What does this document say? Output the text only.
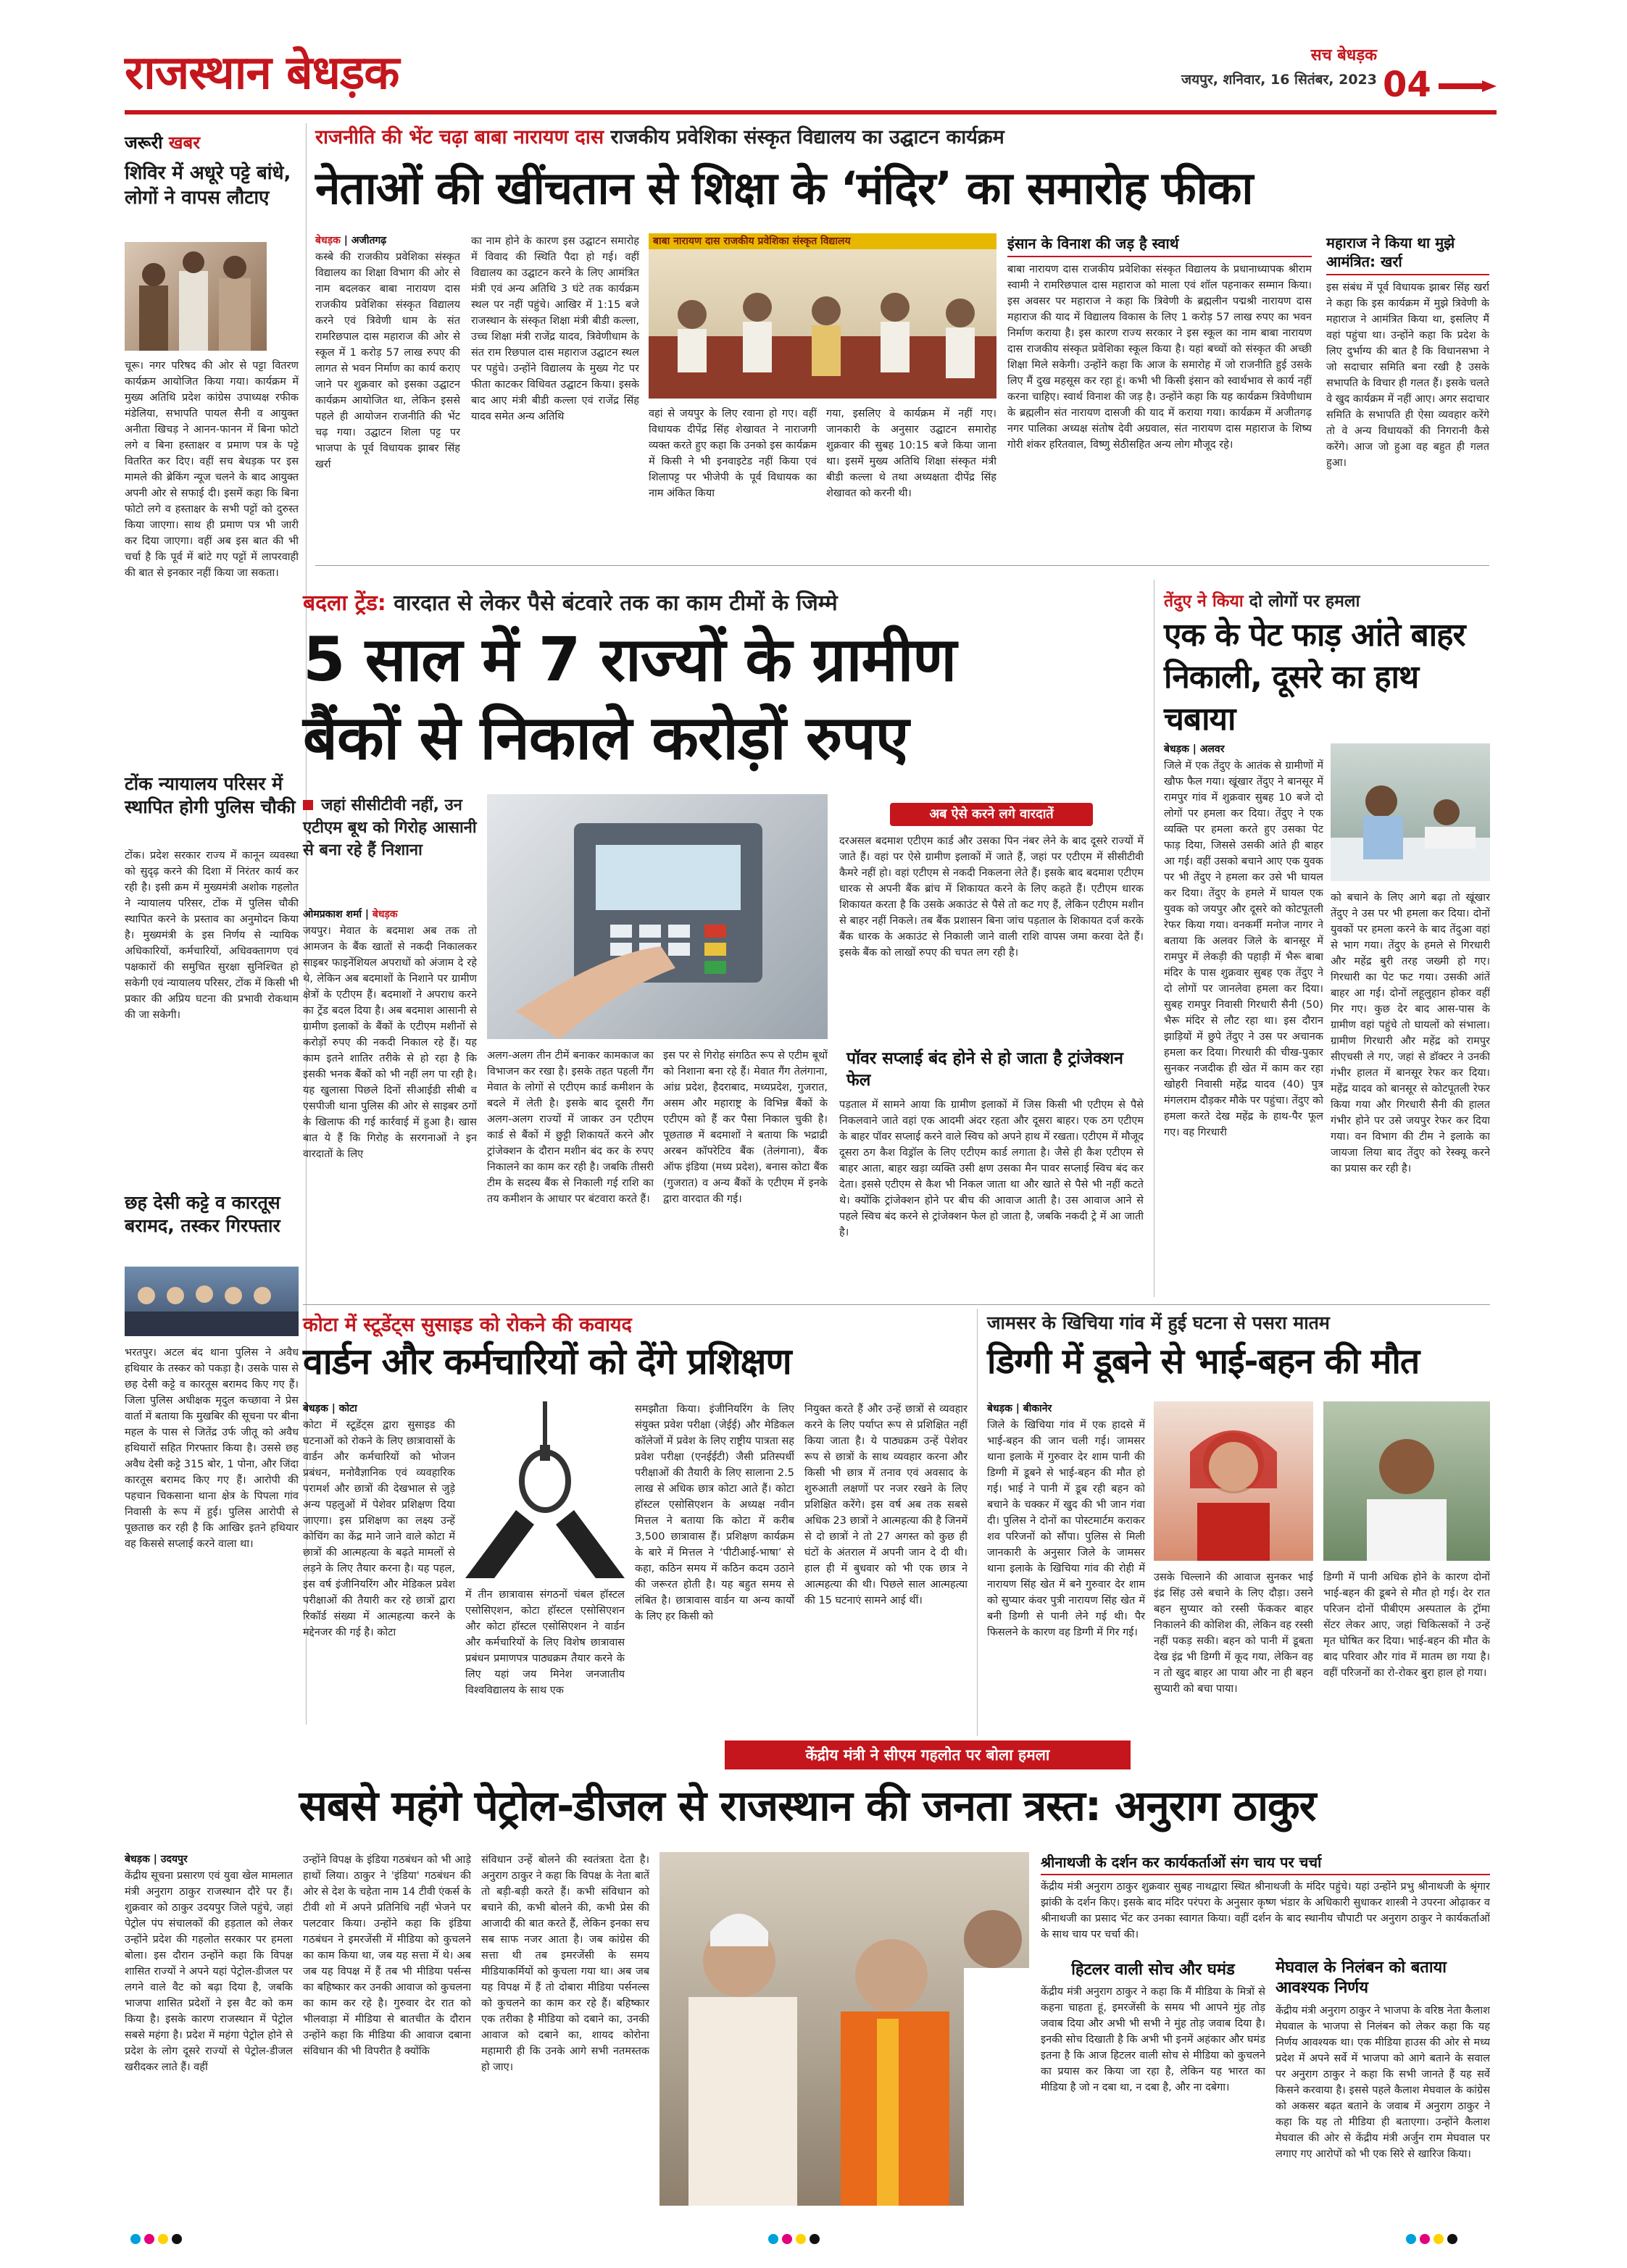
राजस्थान बेधड़क	सच बेधड़क
जयपुर, शनिवार, 16 सितंबर, 2023 04
जरूरी खबर
शिविर में अधूरे पट्टे बांधे, लोगों ने वापस लौटाए
चूरू। नगर परिषद की ओर से पट्टा वितरण कार्यक्रम आयोजित किया गया। कार्यक्रम में मुख्य अतिथि प्रदेश कांग्रेस उपाध्यक्ष रफीक मंडेलिया, सभापति पायल सैनी व आयुक्त अनीता खिचड़ ने आनन-फानन में बिना फोटो लगे व बिना हस्ताक्षर व प्रमाण पत्र के पट्टे वितरित कर दिए। वहीं सच बेधड़क पर इस मामले की ब्रेकिंग न्यूज चलने के बाद आयुक्त अपनी ओर से सफाई दी। इसमें कहा कि बिना फोटो लगे व हस्ताक्षर के सभी पट्टों को दुरुस्त किया जाएगा। साथ ही प्रमाण पत्र भी जारी कर दिया जाएगा। वहीं अब इस बात की भी चर्चा है कि पूर्व में बांटे गए पट्टों में लापरवाही की बात से इनकार नहीं किया जा सकता।
टोंक न्यायालय परिसर में स्थापित होगी पुलिस चौकी
टोंक। प्रदेश सरकार राज्य में कानून व्यवस्था को सुदृढ़ करने की दिशा में निरंतर कार्य कर रही है। इसी क्रम में मुख्यमंत्री अशोक गहलोत ने न्यायालय परिसर, टोंक में पुलिस चौकी स्थापित करने के प्रस्ताव का अनुमोदन किया है। मुख्यमंत्री के इस निर्णय से न्यायिक अधिकारियों, कर्मचारियों, अधिवक्तागण एवं पक्षकारों की समुचित सुरक्षा सुनिश्चित हो सकेगी एवं न्यायालय परिसर, टोंक में किसी भी प्रकार की अप्रिय घटना की प्रभावी रोकथाम की जा सकेगी।
छह देसी कट्टे व कारतूस बरामद, तस्कर गिरफ्तार
भरतपुर। अटल बंद थाना पुलिस ने अवैध हथियार के तस्कर को पकड़ा है। उसके पास से छह देसी कट्टे व कारतूस बरामद किए गए हैं। जिला पुलिस अधीक्षक मृदुल कच्छावा ने प्रेस वार्ता में बताया कि मुखबिर की सूचना पर बीना महल के पास से जितेंद्र उर्फ जीतू को अवैध हथियारों सहित गिरफ्तार किया है। उससे छह अवैध देसी कट्टे 315 बोर, 1 पोना, और जिंदा कारतूस बरामद किए गए हैं। आरोपी की पहचान चिकसाना थाना क्षेत्र के पिपला गांव निवासी के रूप में हुई। पुलिस आरोपी से पूछताछ कर रही है कि आखिर इतने हथियार वह किससे सप्लाई करने वाला था।
राजनीति की भेंट चढ़ा बाबा नारायण दास राजकीय प्रवेशिका संस्कृत विद्यालय का उद्घाटन कार्यक्रम
नेताओं की खींचतान से शिक्षा के ‘मंदिर’ का समारोह फीका
बेधड़क | अजीतगढ़
कस्बे की राजकीय प्रवेशिका संस्कृत विद्यालय का शिक्षा विभाग की ओर से नाम बदलकर बाबा नारायण दास राजकीय प्रवेशिका संस्कृत विद्यालय करने एवं त्रिवेणी धाम के संत रामरिछपाल दास महाराज की ओर से स्कूल में 1 करोड़ 57 लाख रुपए की लागत से भवन निर्माण का कार्य कराए जाने पर शुक्रवार को इसका उद्घाटन कार्यक्रम आयोजित था, लेकिन इससे पहले ही आयोजन राजनीति की भेंट चढ़ गया। उद्घाटन शिला पट्ट पर भाजपा के पूर्व विधायक झाबर सिंह खर्रा
का नाम होने के कारण इस उद्घाटन समारोह में विवाद की स्थिति पैदा हो गई। वहीं विद्यालय का उद्घाटन करने के लिए आमंत्रित मंत्री एवं अन्य अतिथि 3 घंटे तक कार्यक्रम स्थल पर नहीं पहुंचे। आखिर में 1:15 बजे राजस्थान के संस्कृत शिक्षा मंत्री बीडी कल्ला, उच्च शिक्षा मंत्री राजेंद्र यादव, त्रिवेणीधाम के संत राम रिछपाल दास महाराज उद्घाटन स्थल पर पहुंचे। उन्होंने विद्यालय के मुख्य गेट पर फीता काटकर विधिवत उद्घाटन किया। इसके बाद आए मंत्री बीडी कल्ला एवं राजेंद्र सिंह यादव समेत अन्य अतिथि
बाबा नारायण दास राजकीय प्रवेशिका संस्कृत विद्यालय
वहां से जयपुर के लिए रवाना हो गए। वहीं विधायक दीपेंद्र सिंह शेखावत ने नाराजगी व्यक्त करते हुए कहा कि उनको इस कार्यक्रम में किसी ने भी इनवाइटेड नहीं किया एवं शिलापट्ट पर भीजेपी के पूर्व विधायक का नाम अंकित किया
गया, इसलिए वे कार्यक्रम में नहीं गए। जानकारी के अनुसार उद्घाटन समारोह शुक्रवार की सुबह 10:15 बजे किया जाना था। इसमें मुख्य अतिथि शिक्षा संस्कृत मंत्री बीडी कल्ला थे तथा अध्यक्षता दीपेंद्र सिंह शेखावत को करनी थी।
इंसान के विनाश की जड़ है स्वार्थ
बाबा नारायण दास राजकीय प्रवेशिका संस्कृत विद्यालय के प्रधानाध्यापक श्रीराम स्वामी ने रामरिछपाल दास महाराज को माला एवं शॉल पहनाकर सम्मान किया। इस अवसर पर महाराज ने कहा कि त्रिवेणी के ब्रह्मलीन पद्मश्री नारायण दास महाराज की याद में विद्यालय विकास के लिए 1 करोड़ 57 लाख रुपए का भवन निर्माण कराया है। इस कारण राज्य सरकार ने इस स्कूल का नाम बाबा नारायण दास राजकीय संस्कृत प्रवेशिका स्कूल किया है। यहां बच्चों को संस्कृत की अच्छी शिक्षा मिले सकेगी। उन्होंने कहा कि आज के समारोह में जो राजनीति हुई उसके लिए मैं दुख महसूस कर रहा हूं। कभी भी किसी इंसान को स्वार्थभाव से कार्य नहीं करना चाहिए। स्वार्थ विनाश की जड़ है। उन्होंने कहा कि यह कार्यक्रम त्रिवेणीधाम के ब्रह्मलीन संत नारायण दासजी की याद में कराया गया। कार्यक्रम में अजीतगढ़ नगर पालिका अध्यक्ष संतोष देवी अग्रवाल, संत नारायण दास महाराज के शिष्य गोरी शंकर हरितवाल, विष्णु सेठीसहित अन्य लोग मौजूद रहे।
महाराज ने किया था मुझे आमंत्रित: खर्रा
इस संबंध में पूर्व विधायक झाबर सिंह खर्रा ने कहा कि इस कार्यक्रम में मुझे त्रिवेणी के महाराज ने आमंत्रित किया था, इसलिए मैं वहां पहुंचा था। उन्होंने कहा कि प्रदेश के लिए दुर्भाग्य की बात है कि विधानसभा ने जो सदाचार समिति बना रखी है उसके सभापति के विचार ही गलत हैं। इसके चलते वे खुद कार्यक्रम में नहीं आए। अगर सदाचार समिति के सभापति ही ऐसा व्यवहार करेंगे तो वे अन्य विधायकों की निगरानी कैसे करेंगे। आज जो हुआ वह बहुत ही गलत हुआ।
बदला ट्रेंड: वारदात से लेकर पैसे बंटवारे तक का काम टीमों के जिम्मे
5 साल में 7 राज्यों के ग्रामीण
बैंकों से निकाले करोड़ों रुपए
जहां सीसीटीवी नहीं, उन एटीएम बूथ को गिरोह आसानी से बना रहे हैं निशाना
ओमप्रकाश शर्मा | बेधड़क
जयपुर। मेवात के बदमाश अब तक तो आमजन के बैंक खातों से नकदी निकालकर साइबर फाइनेंशियल अपराधों को अंजाम दे रहे थे, लेकिन अब बदमाशों के निशाने पर ग्रामीण क्षेत्रों के एटीएम हैं। बदमाशों ने अपराध करने का ट्रेंड बदल दिया है। अब बदमाश आसानी से ग्रामीण इलाकों के बैंकों के एटीएम मशीनों से करोड़ों रुपए की नकदी निकाल रहे हैं। यह काम इतने शातिर तरीके से हो रहा है कि इसकी भनक बैंकों को भी नहीं लग पा रही है। यह खुलासा पिछले दिनों सीआईडी सीबी व एसपीजी थाना पुलिस की ओर से साइबर ठगों के खिलाफ की गई कार्रवाई में हुआ है। खास बात ये हैं कि गिरोह के सरगनाओं ने इन वारदातों के लिए
अलग-अलग तीन टीमें बनाकर कामकाज का विभाजन कर रखा है। इसके तहत पहली गैंग मेवात के लोगों से एटीएम कार्ड कमीशन के बदले में लेती है। इसके बाद दूसरी गैंग अलग-अलग राज्यों में जाकर उन एटीएम कार्ड से बैंकों में छुट्टी शिकायतें करने और ट्रांजेक्शन के दौरान मशीन बंद कर के रुपए निकालने का काम कर रही है। जबकि तीसरी टीम के सदस्य बैंक से निकाली गई राशि का तय कमीशन के आधार पर बंटवारा करते हैं।
इस पर से गिरोह संगठित रूप से एटीम बूथों को निशाना बना रहे हैं। मेवात गैंग तेलंगाना, आंध्र प्रदेश, हैदराबाद, मध्यप्रदेश, गुजरात, असम और महाराष्ट्र के विभिन्न बैंकों के एटीएम को हैं कर पैसा निकाल चुकी है। पूछताछ में बदमाशों ने बताया कि भद्राद्री अरबन कॉपरेटिव बैंक (तेलंगाना), बैंक ऑफ इंडिया (मध्य प्रदेश), बनास कोटा बैंक (गुजरात) व अन्य बैंकों के एटीएम में इनके द्वारा वारदात की गई।
अब ऐसे करने लगे वारदातें
दरअसल बदमाश एटीएम कार्ड और उसका पिन नंबर लेने के बाद दूसरे राज्यों में जाते हैं। वहां पर ऐसे ग्रामीण इलाकों में जाते हैं, जहां पर एटीएम में सीसीटीवी कैमरे नहीं हो। वहां एटीएम से नकदी निकलना लेते हैं। इसके बाद बदमाश एटीएम धारक से अपनी बैंक ब्रांच में शिकायत करने के लिए कहते हैं। एटीएम धारक शिकायत करता है कि उसके अकाउंट से पैसे तो कट गए हैं, लेकिन एटीएम मशीन से बाहर नहीं निकले। तब बैंक प्रशासन बिना जांच पड़ताल के शिकायत दर्ज करके बैंक धारक के अकाउंट से निकाली जाने वाली राशि वापस जमा करवा देते हैं। इसके बैंक को लाखों रुपए की चपत लग रही है।
पॉवर सप्लाई बंद होने से हो जाता है ट्रांजेक्शन फेल
पड़ताल में सामने आया कि ग्रामीण इलाकों में जिस किसी भी एटीएम से पैसे निकलवाने जाते वहां एक आदमी अंदर रहता और दूसरा बाहर। एक ठग एटीएम के बाहर पॉवर सप्लाई करने वाले स्विच को अपने हाथ में रखता। एटीएम में मौजूद दूसरा ठग कैश विड्रॉल के लिए एटीएम कार्ड लगाता है। जैसे ही कैश एटीएम से बाहर आता, बाहर खड़ा व्यक्ति उसी क्षण उसका मैन पावर सप्लाई स्विच बंद कर देता। इससे एटीएम से कैश भी निकल जाता था और खाते से पैसे भी नहीं कटते थे। क्योंकि ट्रांजेक्शन होने पर बीच की आवाज आती है। उस आवाज आने से पहले स्विच बंद करने से ट्रांजेक्शन फेल हो जाता है, जबकि नकदी ट्रे में आ जाती है।
तेंदुए ने किया दो लोगों पर हमला
एक के पेट फाड़ आंते बाहर निकाली, दूसरे का हाथ चबाया
बेधड़क | अलवर
जिले में एक तेंदुए के आतंक से ग्रामीणों में खौफ फैल गया। खूंखार तेंदुए ने बानसूर में रामपुर गांव में शुक्रवार सुबह 10 बजे दो लोगों पर हमला कर दिया। तेंदुए ने एक व्यक्ति पर हमला करते हुए उसका पेट फाड़ दिया, जिससे उसकी आंते ही बाहर आ गई। वहीं उसको बचाने आए एक युवक पर भी तेंदुए ने हमला कर उसे भी घायल कर दिया। तेंदुए के हमले में घायल एक युवक को जयपुर और दूसरे को कोटपूतली रेफर किया गया। वनकर्मी मनोज नागर ने बताया कि अलवर जिले के बानसूर में रामपुर में लेकड़ी की पहाड़ी में भैरू बाबा मंदिर के पास शुक्रवार सुबह एक तेंदुए ने दो लोगों पर जानलेवा हमला कर दिया। सुबह रामपुर निवासी गिरधारी सैनी (50) भैरू मंदिर से लौट रहा था। इस दौरान झाड़ियों में छुपे तेंदुए ने उस पर अचानक हमला कर दिया। गिरधारी की चीख-पुकार सुनकर नजदीक ही खेत में काम कर रहा खोहरी निवासी महेंद्र यादव (40) पुत्र मंगलराम दौड़कर मौके पर पहुंचा। तेंदुए को हमला करते देख महेंद्र के हाथ-पैर फूल गए। वह गिरधारी
को बचाने के लिए आगे बढ़ा तो खूंखार तेंदुए ने उस पर भी हमला कर दिया। दोनों युवकों पर हमला करने के बाद तेंदुआ वहां से भाग गया। तेंदुए के हमले से गिरधारी और महेंद्र बुरी तरह जख्मी हो गए। गिरधारी का पेट फट गया। उसकी आंतें बाहर आ गई। दोनों लहूलुहान होकर वहीं गिर गए। कुछ देर बाद आस-पास के ग्रामीण वहां पहुंचे तो घायलों को संभाला। ग्रामीण गिरधारी और महेंद्र को रामपुर सीएचसी ले गए, जहां से डॉक्टर ने उनकी गंभीर हालत में बानसूर रेफर कर दिया। महेंद्र यादव को बानसूर से कोटपूतली रेफर किया गया और गिरधारी सैनी की हालत गंभीर होने पर उसे जयपुर रेफर कर दिया गया। वन विभाग की टीम ने इलाके का जायजा लिया बाद तेंदुए को रेस्क्यू करने का प्रयास कर रही है।
कोटा में स्टूडेंट्स सुसाइड को रोकने की कवायद
वार्डन और कर्मचारियों को देंगे प्रशिक्षण
बेधड़क | कोटा
कोटा में स्टूडेंट्स द्वारा सुसाइड की घटनाओं को रोकने के लिए छात्रावासों के वार्डन और कर्मचारियों को भोजन प्रबंधन, मनोवैज्ञानिक एवं व्यवहारिक परामर्श और छात्रों की देखभाल से जुड़े अन्य पहलुओं में पेशेवर प्रशिक्षण दिया जाएगा। इस प्रशिक्षण का लक्ष्य उन्हें कोचिंग का केंद्र माने जाने वाले कोटा में छात्रों की आत्महत्या के बढ़ते मामलों से लड़ने के लिए तैयार करना है। यह पहल, इस वर्ष इंजीनियरिंग और मेडिकल प्रवेश परीक्षाओं की तैयारी कर रहे छात्रों द्वारा रिकॉर्ड संख्या में आत्महत्या करने के मद्देनजर की गई है। कोटा
में तीन छात्रावास संगठनों चंबल हॉस्टल एसोसिएशन, कोटा हॉस्टल एसोसिएशन और कोटा हॉस्टल एसोसिएशन ने वार्डन और कर्मचारियों के लिए विशेष छात्रावास प्रबंधन प्रमाणपत्र पाठ्यक्रम तैयार करने के लिए यहां जय मिनेश जनजातीय विश्वविद्यालय के साथ एक
समझौता किया। इंजीनियरिंग के लिए संयुक्त प्रवेश परीक्षा (जेईई) और मेडिकल कॉलेजों में प्रवेश के लिए राष्ट्रीय पात्रता सह प्रवेश परीक्षा (एनईईटी) जैसी प्रतिस्पर्धी परीक्षाओं की तैयारी के लिए सालाना 2.5 लाख से अधिक छात्र कोटा आते हैं। कोटा हॉस्टल एसोसिएशन के अध्यक्ष नवीन मित्तल ने बताया कि कोटा में करीब 3,500 छात्रावास हैं। प्रशिक्षण कार्यक्रम के बारे में मित्तल ने ‘पीटीआई-भाषा’ से कहा, कठिन समय में कठिन कदम उठाने की जरूरत होती है। यह बहुत समय से लंबित है। छात्रावास वार्डन या अन्य कार्यों के लिए हर किसी को
नियुक्त करते हैं और उन्हें छात्रों से व्यवहार करने के लिए पर्याप्त रूप से प्रशिक्षित नहीं किया जाता है। ये पाठ्यक्रम उन्हें पेशेवर रूप से छात्रों के साथ व्यवहार करना और किसी भी छात्र में तनाव एवं अवसाद के शुरुआती लक्षणों पर नजर रखने के लिए प्रशिक्षित करेंगे। इस वर्ष अब तक सबसे अधिक 23 छात्रों ने आत्महत्या की है जिनमें से दो छात्रों ने तो 27 अगस्त को कुछ ही घंटों के अंतराल में अपनी जान दे दी थी। हाल ही में बुधवार को भी एक छात्र ने आत्महत्या की थी। पिछले साल आत्महत्या की 15 घटनाएं सामने आई थीं।
जामसर के खिचिया गांव में हुई घटना से पसरा मातम
डिग्गी में डूबने से भाई-बहन की मौत
बेधड़क | बीकानेर
जिले के खिचिया गांव में एक हादसे में भाई-बहन की जान चली गई। जामसर थाना इलाके में गुरुवार देर शाम पानी की डिग्गी में डूबने से भाई-बहन की मौत हो गई। भाई ने पानी में डूब रही बहन को बचाने के चक्कर में खुद की भी जान गंवा दी। पुलिस ने दोनों का पोस्टमार्टम कराकर शव परिजनों को सौंपा। पुलिस से मिली जानकारी के अनुसार जिले के जामसर थाना इलाके के खिचिया गांव की रोही में नारायण सिंह खेत में बने गुरुवार देर शाम को सुप्यार कंवर पुत्री नारायण सिंह खेत में बनी डिग्गी से पानी लेने गई थी। पैर फिसलने के कारण वह डिग्गी में गिर गई।
उसके चिल्लाने की आवाज सुनकर भाई इंद्र सिंह उसे बचाने के लिए दौड़ा। उसने बहन सुप्यार को रस्सी फेंककर बाहर निकालने की कोशिश की, लेकिन वह रस्सी नहीं पकड़ सकी। बहन को पानी में डूबता देख इंद्र भी डिग्गी में कूद गया, लेकिन वह न तो खुद बाहर आ पाया और ना ही बहन सुप्यारी को बचा पाया।
डिग्गी में पानी अधिक होने के कारण दोनों भाई-बहन की डूबने से मौत हो गई। देर रात परिजन दोनों पीबीएम अस्पताल के ट्रॉमा सेंटर लेकर आए, जहां चिकित्सकों ने उन्हें मृत घोषित कर दिया। भाई-बहन की मौत के बाद परिवार और गांव में मातम छा गया है। वहीं परिजनों का रो-रोकर बुरा हाल हो गया।
केंद्रीय मंत्री ने सीएम गहलोत पर बोला हमला
सबसे महंगे पेट्रोल-डीजल से राजस्थान की जनता त्रस्त: अनुराग ठाकुर
बेधड़क | उदयपुर
केंद्रीय सूचना प्रसारण एवं युवा खेल मामलात मंत्री अनुराग ठाकुर राजस्थान दौरे पर हैं। शुक्रवार को ठाकुर उदयपुर जिले पहुंचे, जहां पेट्रोल पंप संचालकों की हड़ताल को लेकर उन्होंने प्रदेश की गहलोत सरकार पर हमला बोला। इस दौरान उन्होंने कहा कि विपक्ष शासित राज्यों ने अपने यहां पेट्रोल-डीजल पर लगने वाले वैट को बढ़ा दिया है, जबकि भाजपा शासित प्रदेशों ने इस वैट को कम किया है। इसके कारण राजस्थान में पेट्रोल सबसे महंगा है। प्रदेश में महंगा पेट्रोल होने से प्रदेश के लोग दूसरे राज्यों से पेट्रोल-डीजल खरीदकर लाते हैं। वहीं
उन्होंने विपक्ष के इंडिया गठबंधन को भी आड़े हाथों लिया। ठाकुर ने 'इंडिया' गठबंधन की ओर से देश के चहेता नाम 14 टीवी एंकर्स के टीवी शो में अपने प्रतिनिधि नहीं भेजने पर पलटवार किया। उन्होंने कहा कि इंडिया गठबंधन ने इमरजेंसी में मीडिया को कुचलने का काम किया था, जब यह सत्ता में थे। अब जब यह विपक्ष में हैं तब भी मीडिया पर्सन्स का बहिष्कार कर उनकी आवाज को कुचलना का काम कर रहे है। गुरुवार देर रात को भीलवाड़ा में मीडिया से बातचीत के दौरान उन्होंने कहा कि मीडिया की आवाज दबाना संविधान की भी विपरीत है क्योंकि
संविधान उन्हें बोलने की स्वतंत्रता देता है। अनुराग ठाकुर ने कहा कि विपक्ष के नेता बातें तो बड़ी-बड़ी करते हैं। कभी संविधान को बचाने की, कभी बोलने की, कभी प्रेस की आजादी की बात करते हैं, लेकिन इनका सच सब साफ नजर आता है। जब कांग्रेस की सत्ता थी तब इमरजेंसी के समय मीडियाकर्मियों को कुचला गया था। अब जब यह विपक्ष में हैं तो दोबारा मीडिया पर्सनल्स को कुचलने का काम कर रहे हैं। बहिष्कार एक तरीका है मीडिया को दबाने का, उनकी आवाज को दबाने का, शायद कोरोना महामारी ही कि उनके आगे सभी नतमस्तक हो जाए।
श्रीनाथजी के दर्शन कर कार्यकर्ताओं संग चाय पर चर्चा
केंद्रीय मंत्री अनुराग ठाकुर शुक्रवार सुबह नाथद्वारा स्थित श्रीनाथजी के मंदिर पहुंचे। यहां उन्होंने प्रभु श्रीनाथजी के श्रृंगार झांकी के दर्शन किए। इसके बाद मंदिर परंपरा के अनुसार कृष्ण भंडार के अधिकारी सुधाकर शास्त्री ने उपरना ओढ़ाकर व श्रीनाथजी का प्रसाद भेंट कर उनका स्वागत किया। वहीं दर्शन के बाद स्थानीय चौपाटी पर अनुराग ठाकुर ने कार्यकर्ताओं के साथ चाय पर चर्चा की।
हिटलर वाली सोच और घमंड
केंद्रीय मंत्री अनुराग ठाकुर ने कहा कि मैं मीडिया के मित्रों से कहना चाहता हूं, इमरजेंसी के समय भी आपने मुंह तोड़ जवाब दिया और अभी भी सभी ने मुंह तोड़ जवाब दिया है। इनकी सोच दिखाती है कि अभी भी इनमें अहंकार और घमंड इतना है कि आज हिटलर वाली सोच से मीडिया को कुचलने का प्रयास कर किया जा रहा है, लेकिन यह भारत का मीडिया है जो न दबा था, न दबा है, और ना दबेगा।
मेघवाल के निलंबन को बताया आवश्यक निर्णय
केंद्रीय मंत्री अनुराग ठाकुर ने भाजपा के वरिष्ठ नेता कैलाश मेघवाल के भाजपा से निलंबन को लेकर कहा कि यह निर्णय आवश्यक था। एक मीडिया हाउस की ओर से मध्य प्रदेश में अपने सर्वे में भाजपा को आगे बताने के सवाल पर अनुराग ठाकुर ने कहा कि सभी जानते हैं यह सर्वे किसने करवाया है। इससे पहले कैलाश मेघवाल के कांग्रेस को अकसर बढ़त बताने के जवाब में अनुराग ठाकुर ने कहा कि यह तो मीडिया ही बताएगा। उन्होंने कैलाश मेघवाल की ओर से केंद्रीय मंत्री अर्जुन राम मेघवाल पर लगाए गए आरोपों को भी एक सिरे से खारिज किया।
